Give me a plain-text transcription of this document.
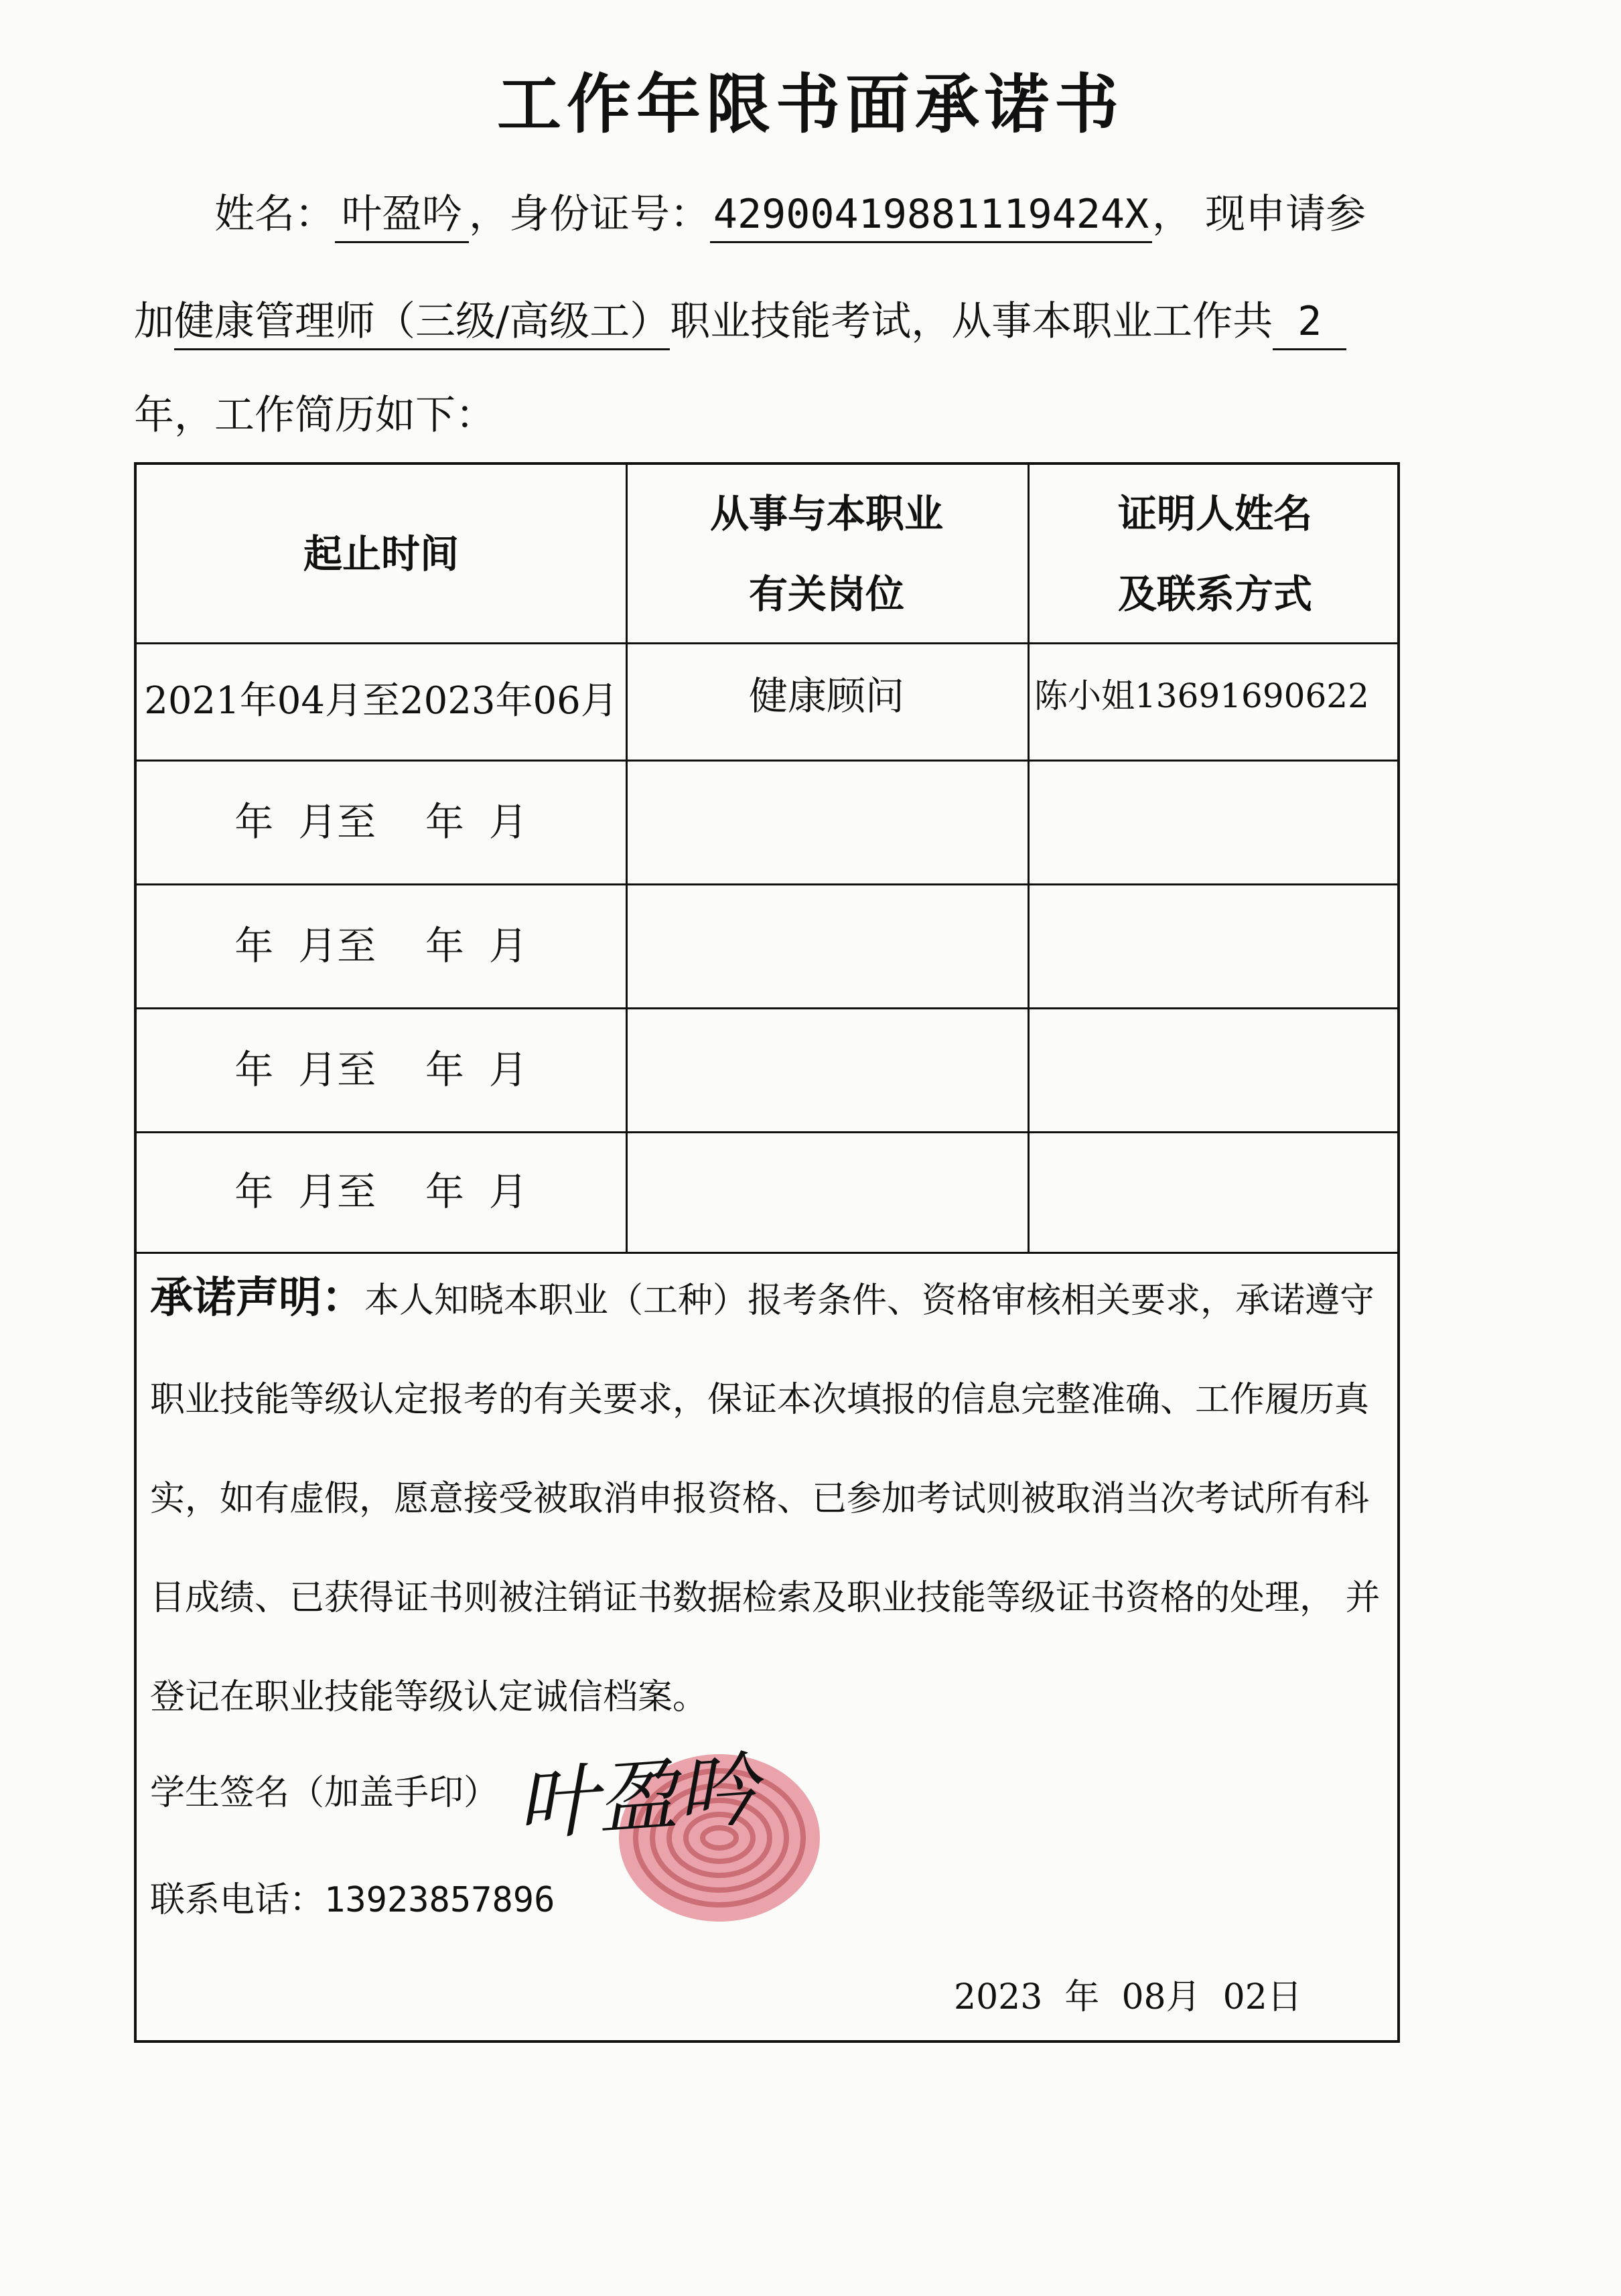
工作年限书面承诺书
姓名： 叶盈吟 ，身份证号：42900419881119424X， 现申请参
加健康管理师（三级/高级工）职业技能考试，从事本职业工作共 2
年，工作简历如下：
起止时间
从事与本职业
有关岗位
证明人姓名
及联系方式
2021年04月至2023年06月	健康顾问	陈小姐13691690622
年  月至    年  月
年  月至    年  月
年  月至    年  月
年  月至    年  月
承诺声明：本人知晓本职业（工种）报考条件、资格审核相关要求，承诺遵守职业技能等级认定报考的有关要求，保证本次填报的信息完整准确、工作履历真实，如有虚假，愿意接受被取消申报资格、已参加考试则被取消当次考试所有科目成绩、已获得证书则被注销证书数据检索及职业技能等级证书资格的处理， 并登记在职业技能等级认定诚信档案。
学生签名（加盖手印） 叶盈吟
联系电话：13923857896
2023  年  08月  02日
